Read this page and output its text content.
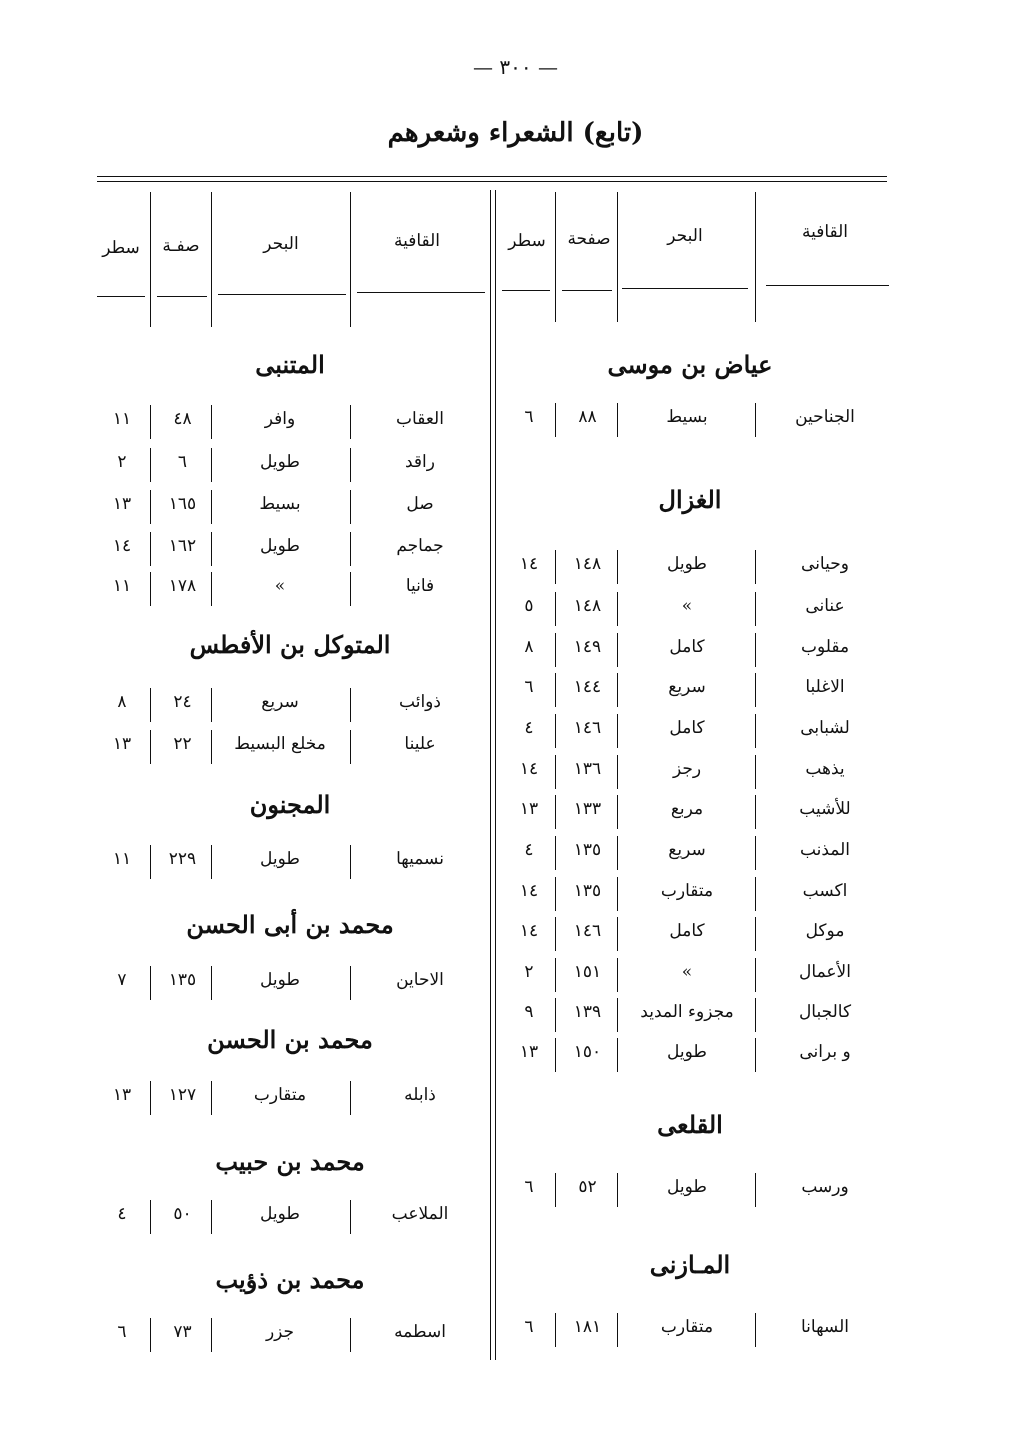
— ٣٠٠ —
(تابع) الشعراء وشعرهم
القافية
البحر
صفحة
سطر
القافية
البحر
صفـة
سطر
عياض بن موسى
الجناحين
بسيط
٨٨
٦
الغزال
وحيانى
طويل
١٤٨
١٤
عنانى
»
١٤٨
٥
مقلوب
كامل
١٤٩
٨
الاغلبا
سريع
١٤٤
٦
لشبابى
كامل
١٤٦
٤
يذهب
رجز
١٣٦
١٤
للأشيب
مربع
١٣٣
١٣
المذنب
سريع
١٣٥
٤
اكسب
متقارب
١٣٥
١٤
موكل
كامل
١٤٦
١٤
الأعمال
»
١٥١
٢
كالجبال
مجزوء المديد
١٣٩
٩
و برانى
طويل
١٥٠
١٣
القلعى
ورسب
طويل
٥٢
٦
المـازنى
السهانا
متقارب
١٨١
٦
المتنبى
العقاب
وافر
٤٨
١١
راقد
طويل
٦
٢
صل
بسيط
١٦٥
١٣
جماجم
طويل
١٦٢
١٤
فانيا
»
١٧٨
١١
المتوكل بن الأفطس
ذوائب
سريع
٢٤
٨
علينا
مخلع البسيط
٢٢
١٣
المجنون
نسميها
طويل
٢٢٩
١١
محمد بن أبى الحسن
الاحاين
طويل
١٣٥
٧
محمد بن الحسن
ذابله
متقارب
١٢٧
١٣
محمد بن حبيب
الملاعب
طويل
٥٠
٤
محمد بن ذؤيب
اسطمه
جزر
٧٣
٦
